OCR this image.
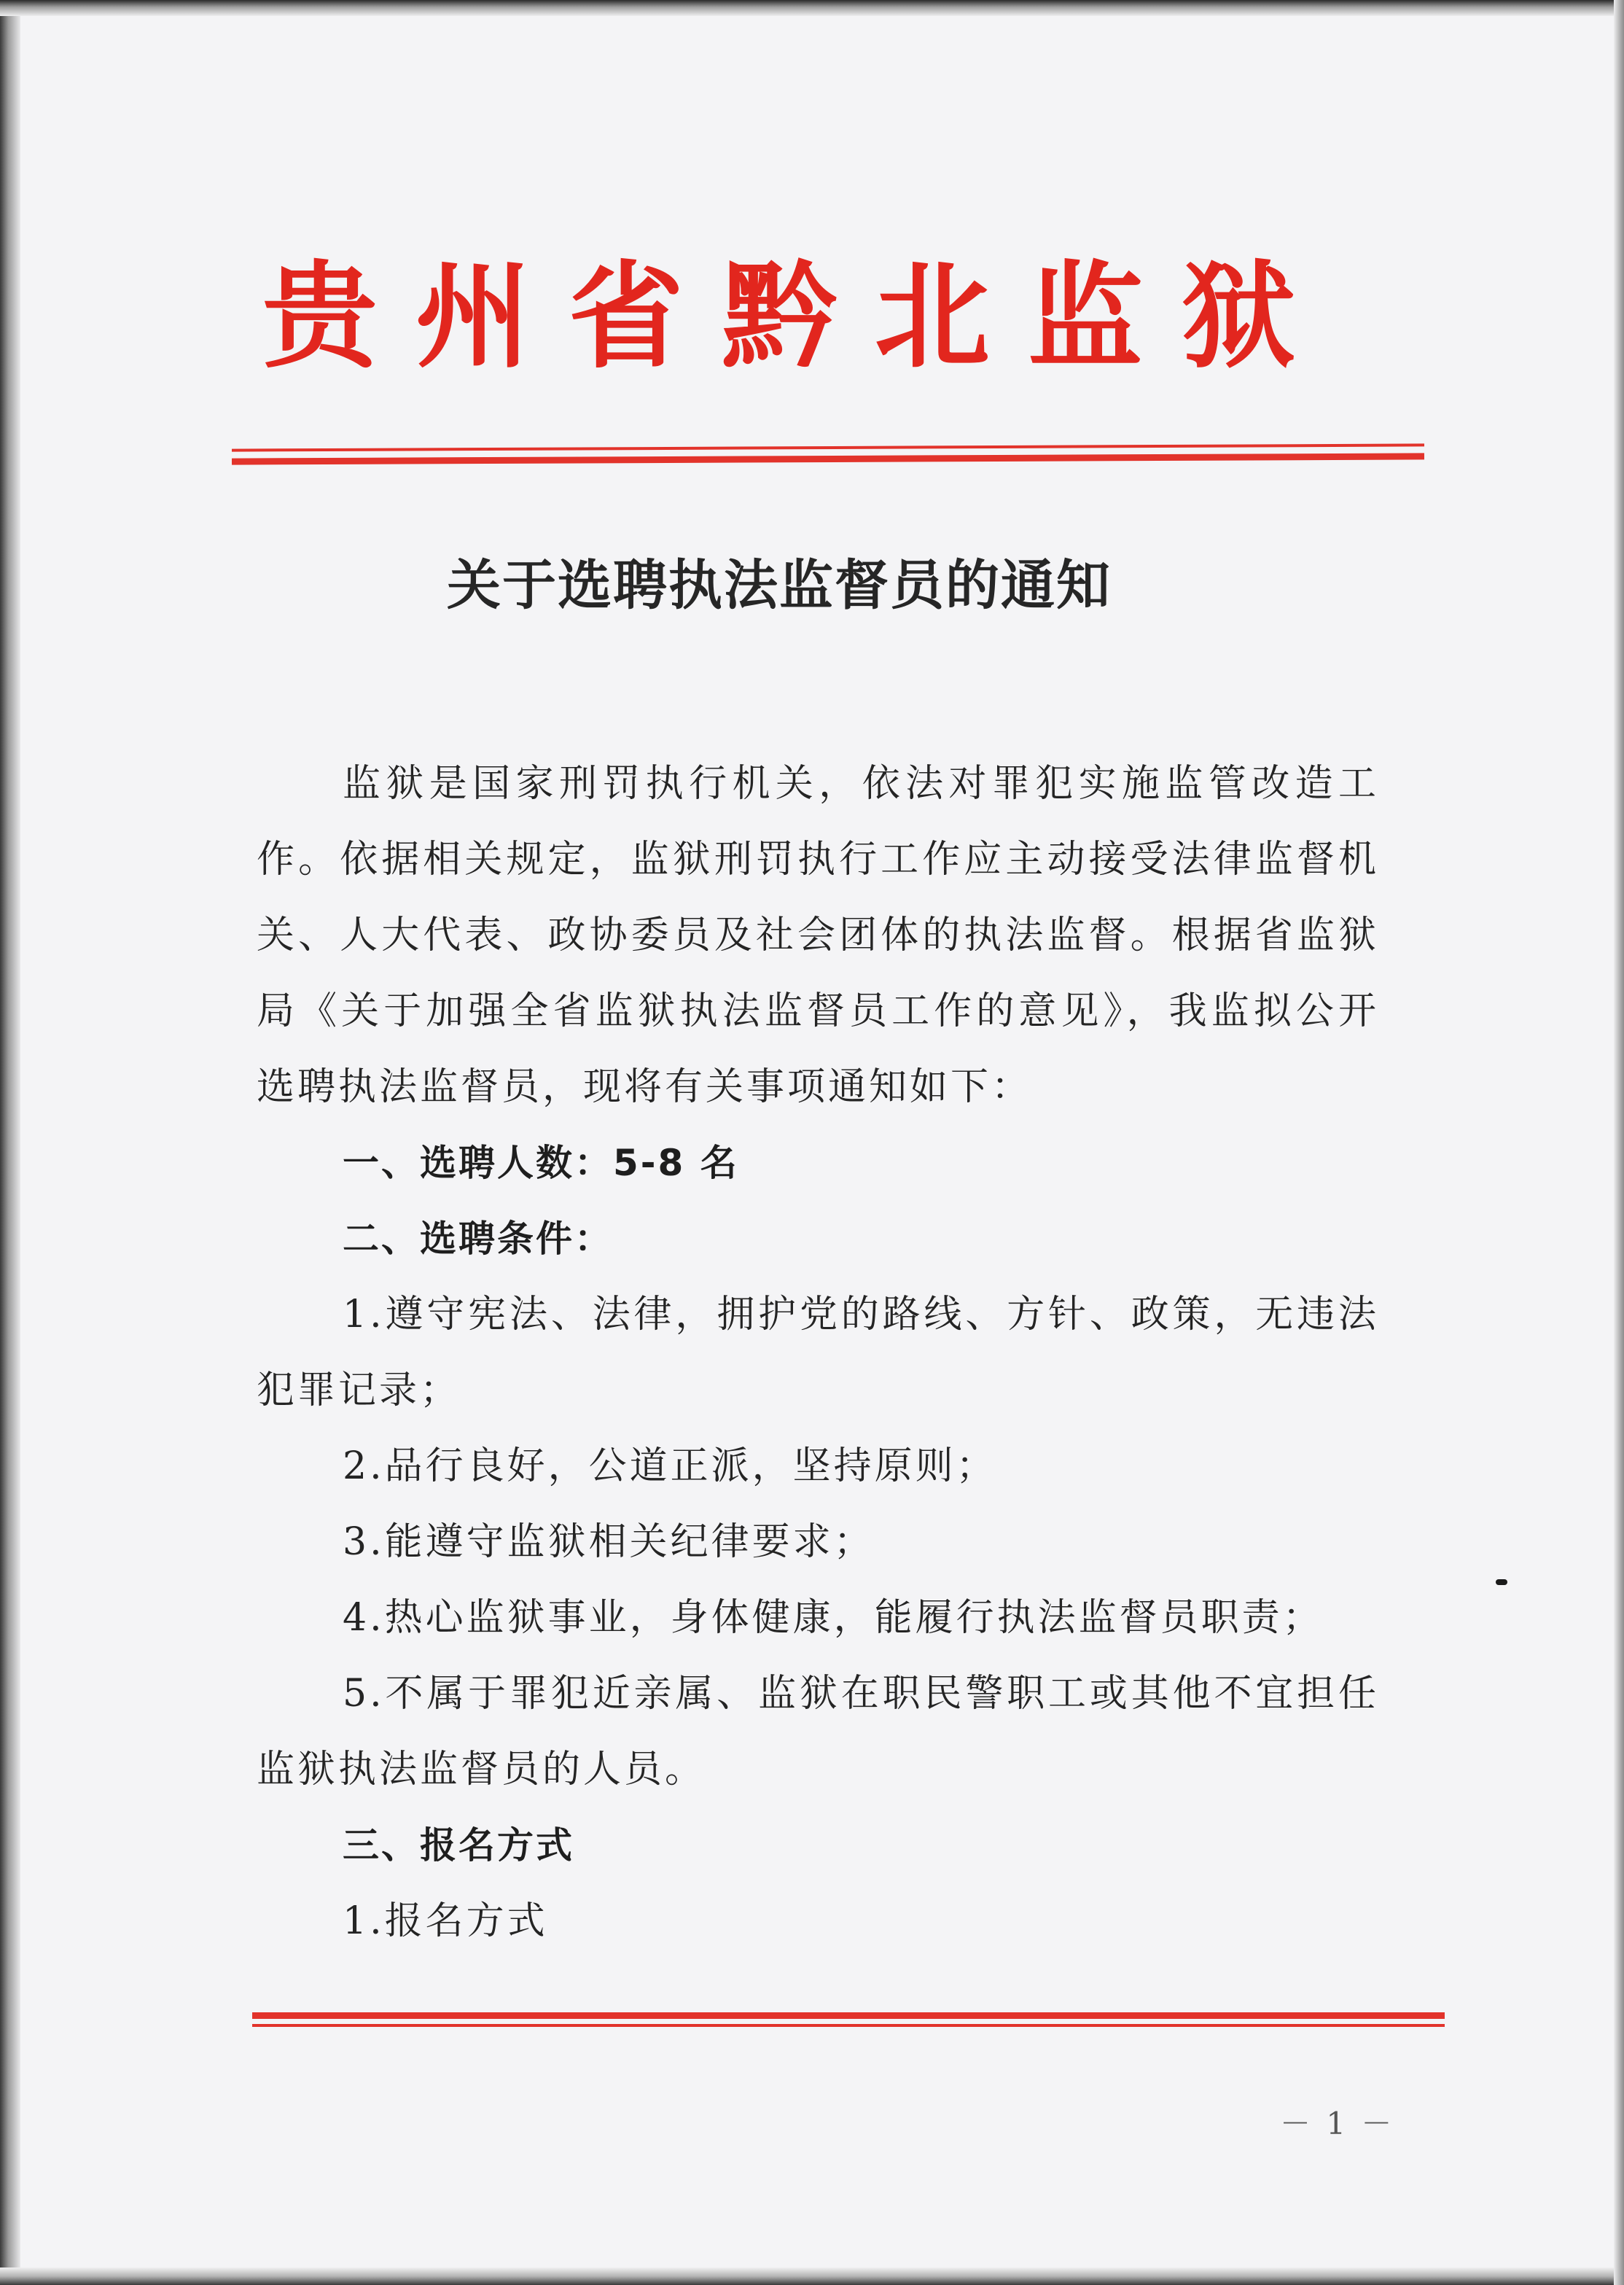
贵州省黔北监狱
关于选聘执法监督员的通知

监狱是国家刑罚执行机关，依法对罪犯实施监管改造工作。依据相关规定，监狱刑罚执行工作应主动接受法律监督机关、人大代表、政协委员及社会团体的执法监督。根据省监狱局《关于加强全省监狱执法监督员工作的意见》，我监拟公开选聘执法监督员，现将有关事项通知如下：

一、选聘人数：5-8 名

二、选聘条件：

1.遵守宪法、法律，拥护党的路线、方针、政策，无违法犯罪记录；

2.品行良好，公道正派，坚持原则；

3.能遵守监狱相关纪律要求；

4.热心监狱事业，身体健康，能履行执法监督员职责；

5.不属于罪犯近亲属、监狱在职民警职工或其他不宜担任监狱执法监督员的人员。

三、报名方式

1.报名方式

－ 1 －
